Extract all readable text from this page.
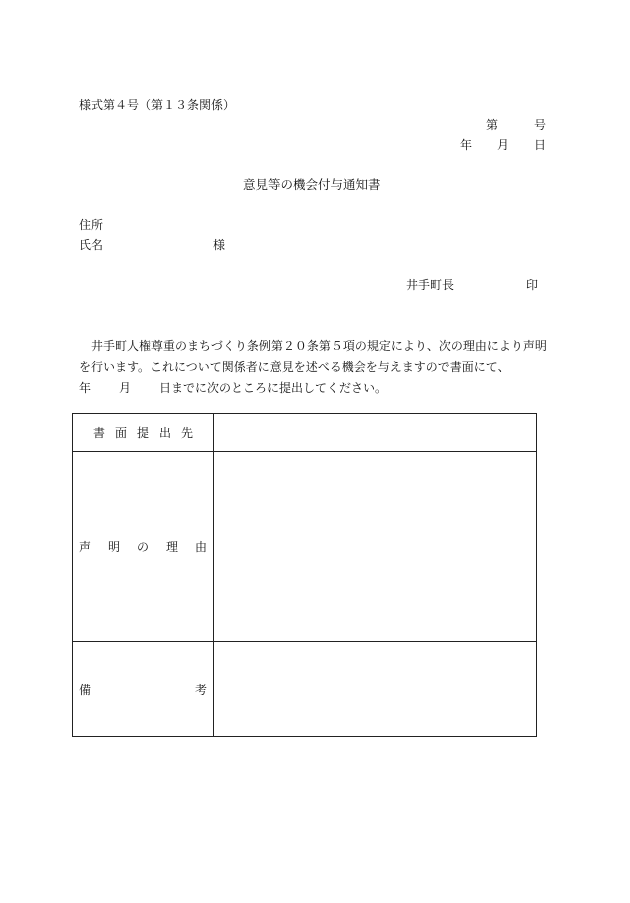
様式第４号（第１３条関係）
第	号
年 月 日
意見等の機会付与通知書
住所
氏名	様
井手町長	印

井手町人権尊重のまちづくり条例第２０条第５項の規定により、次の理由により声明

を行います。これについて関係者に意見を述べる機会を与えますので書面にて、

年 月 日までに次のところに提出してください。

書 面 提 出 先	

声 明 の 理 由	

備 考	
